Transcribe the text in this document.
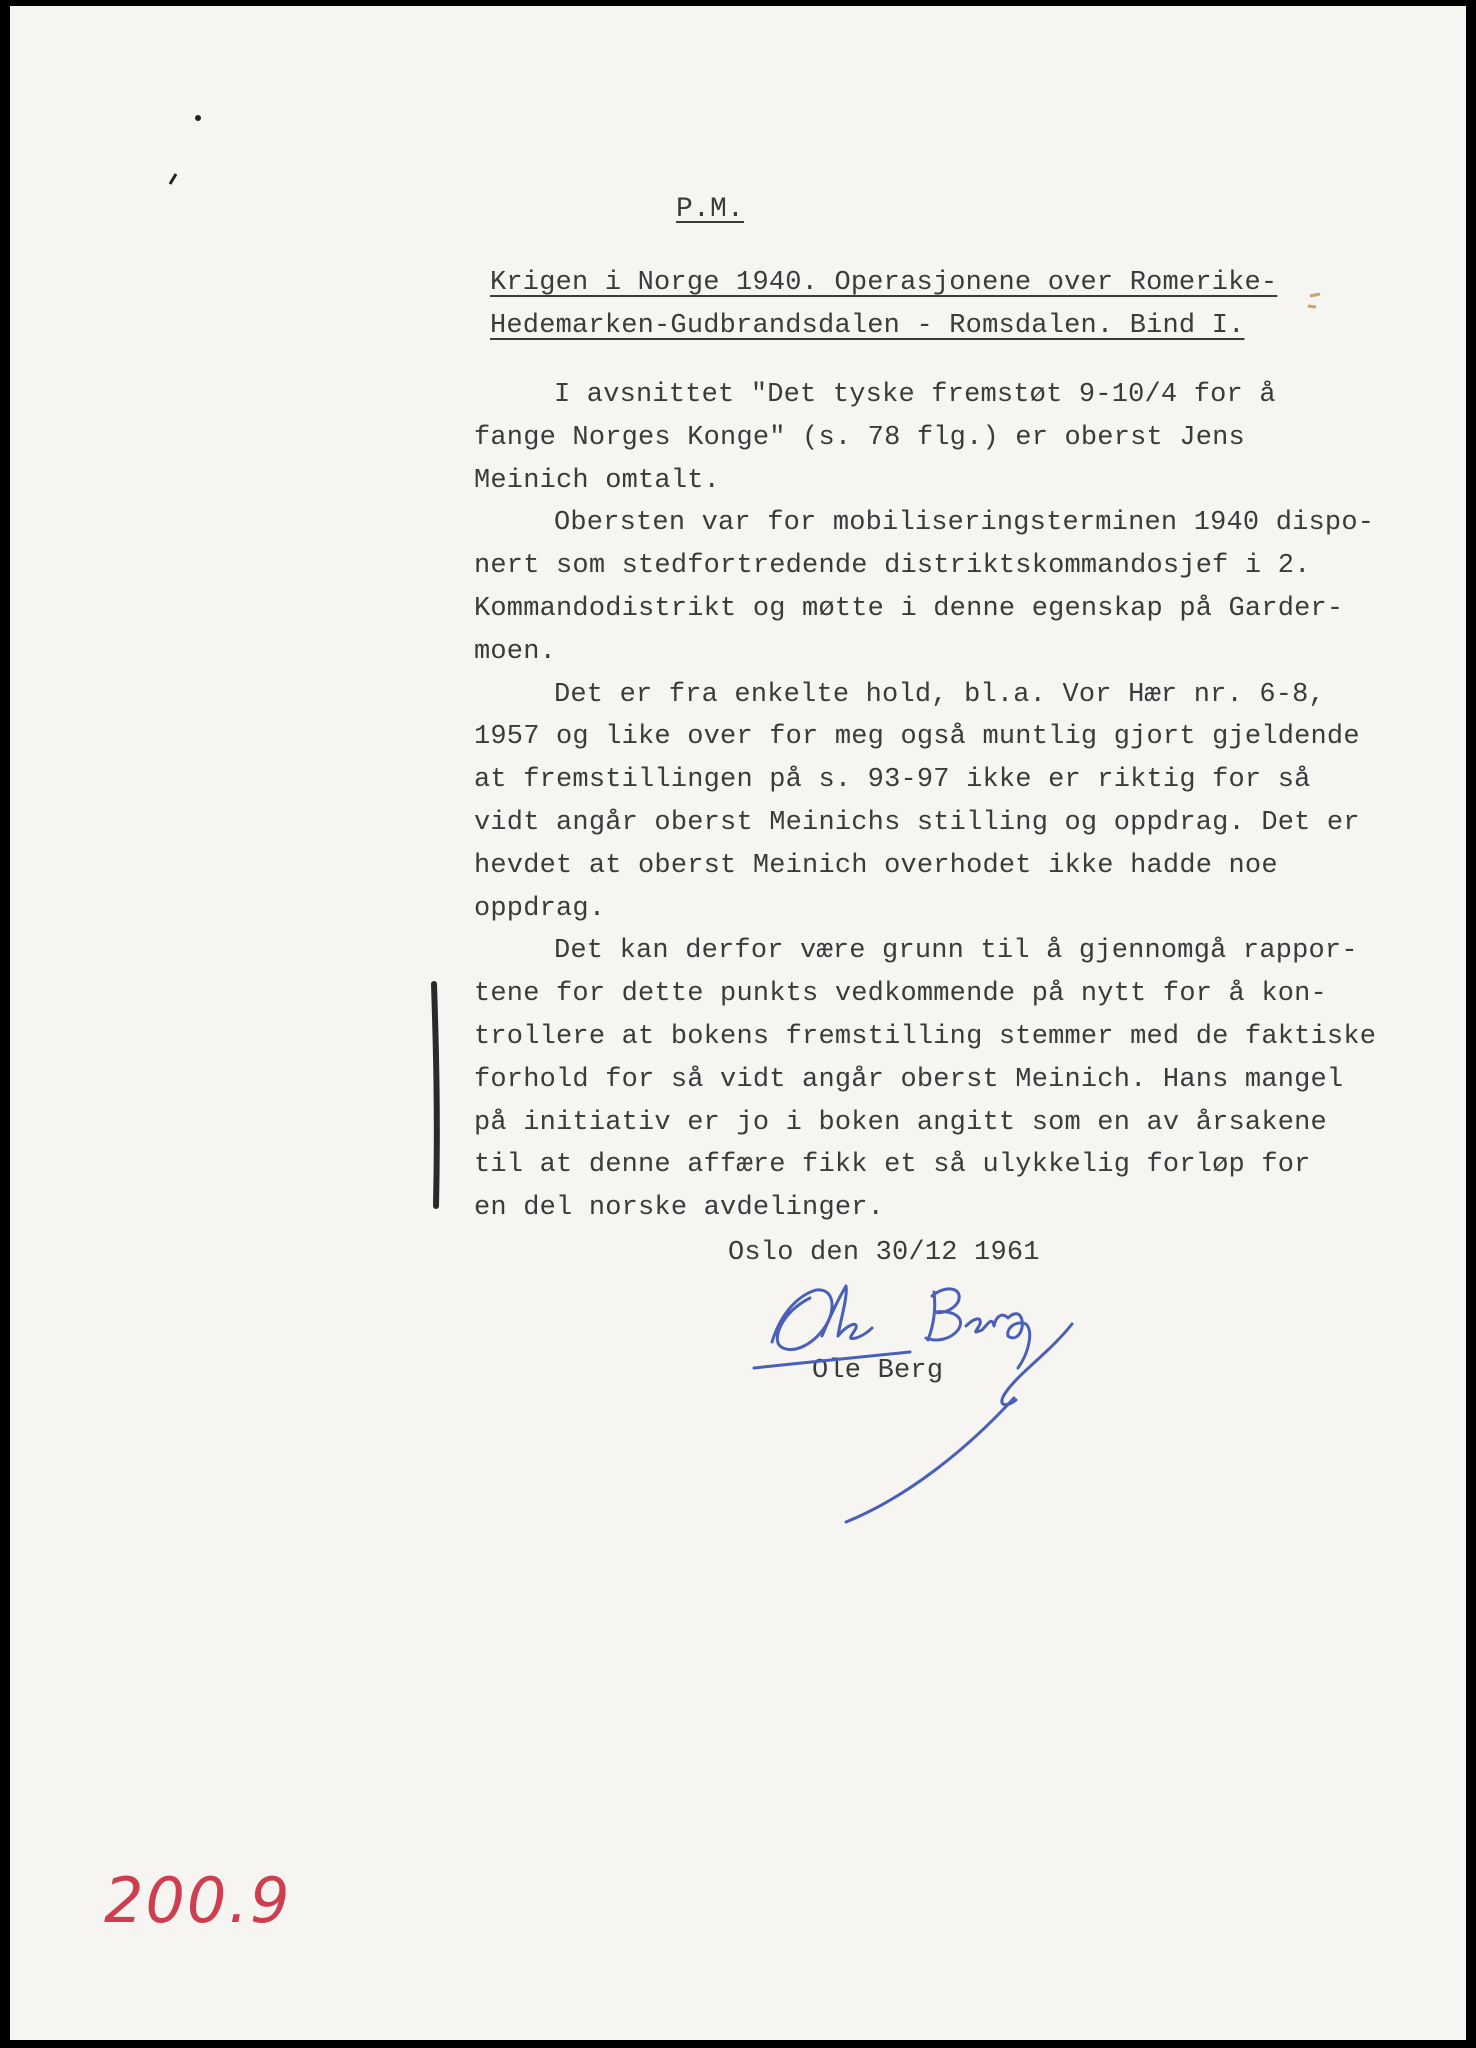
P.M.
Krigen i Norge 1940. Operasjonene over Romerike-
Hedemarken-Gudbrandsdalen - Romsdalen. Bind I.
I avsnittet "Det tyske fremstøt 9-10/4 for å
fange Norges Konge" (s. 78 flg.) er oberst Jens
Meinich omtalt.
Obersten var for mobiliseringsterminen 1940 dispo-
nert som stedfortredende distriktskommandosjef i 2.
Kommandodistrikt og møtte i denne egenskap på Garder-
moen.
Det er fra enkelte hold, bl.a. Vor Hær nr. 6-8,
1957 og like over for meg også muntlig gjort gjeldende
at fremstillingen på s. 93-97 ikke er riktig for så
vidt angår oberst Meinichs stilling og oppdrag. Det er
hevdet at oberst Meinich overhodet ikke hadde noe
oppdrag.
Det kan derfor være grunn til å gjennomgå rappor-
tene for dette punkts vedkommende på nytt for å kon-
trollere at bokens fremstilling stemmer med de faktiske
forhold for så vidt angår oberst Meinich. Hans mangel
på initiativ er jo i boken angitt som en av årsakene
til at denne affære fikk et så ulykkelig forløp for
en del norske avdelinger.

Oslo den 30/12 1961

Ole Berg

200.9
